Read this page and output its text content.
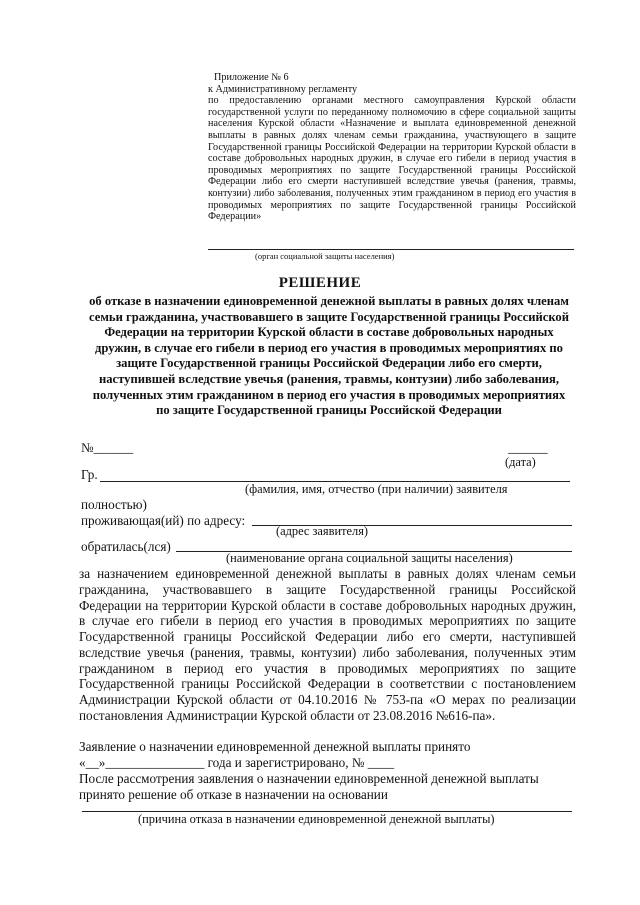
Приложение № 6
к Административному регламенту
по предоставлению органами местного самоуправления Курской области государственной услуги по переданному полномочию в сфере социальной защиты населения Курской области «Назначение и выплата единовременной денежной выплаты в равных долях членам семьи гражданина, участвующего в защите Государственной границы Российской Федерации на территории Курской области в составе добровольных народных дружин, в случае его гибели в период участия в проводимых мероприятиях по защите Государственной границы Российской Федерации либо его смерти наступившей вследствие увечья (ранения, травмы, контузии) либо заболевания, полученных этим гражданином в период его участия в проводимых мероприятиях по защите Государственной границы Российской Федерации»
(орган социальной защиты населения)
РЕШЕНИЕ
об отказе в назначении единовременной денежной выплаты в равных долях членам семьи гражданина, участвовавшего в защите Государственной границы Российской Федерации на территории Курской области в составе добровольных народных дружин, в случае его гибели в период его участия в проводимых мероприятиях по защите Государственной границы Российской Федерации либо его смерти, наступившей вследствие увечья (ранения, травмы, контузии) либо заболевания, полученных этим гражданином в период его участия в проводимых мероприятиях по защите Государственной границы Российской Федерации
№______	______
(дата)
Гр.
(фамилия, имя, отчество (при наличии) заявителя
полностью)
проживающая(ий) по адресу:
(адрес заявителя)
обратилась(лся)
(наименование органа социальной защиты населения)
за назначением единовременной денежной выплаты в равных долях членам семьи гражданина, участвовавшего в защите Государственной границы Российской Федерации на территории Курской области в составе добровольных народных дружин, в случае его гибели в период его участия в проводимых мероприятиях по защите Государственной границы Российской Федерации либо его смерти, наступившей вследствие увечья (ранения, травмы, контузии) либо заболевания, полученных этим гражданином в период его участия в проводимых мероприятиях по защите Государственной границы Российской Федерации в соответствии с постановлением Администрации Курской области от 04.10.2016 № 753-па «О мерах по реализации постановления Администрации Курской области от 23.08.2016 №616-па».
Заявление о назначении единовременной денежной выплаты принято
«__»_______________ года и зарегистрировано, № ____
После рассмотрения заявления о назначении единовременной денежной выплаты
принято решение об отказе в назначении на основании
(причина отказа в назначении единовременной денежной выплаты)
